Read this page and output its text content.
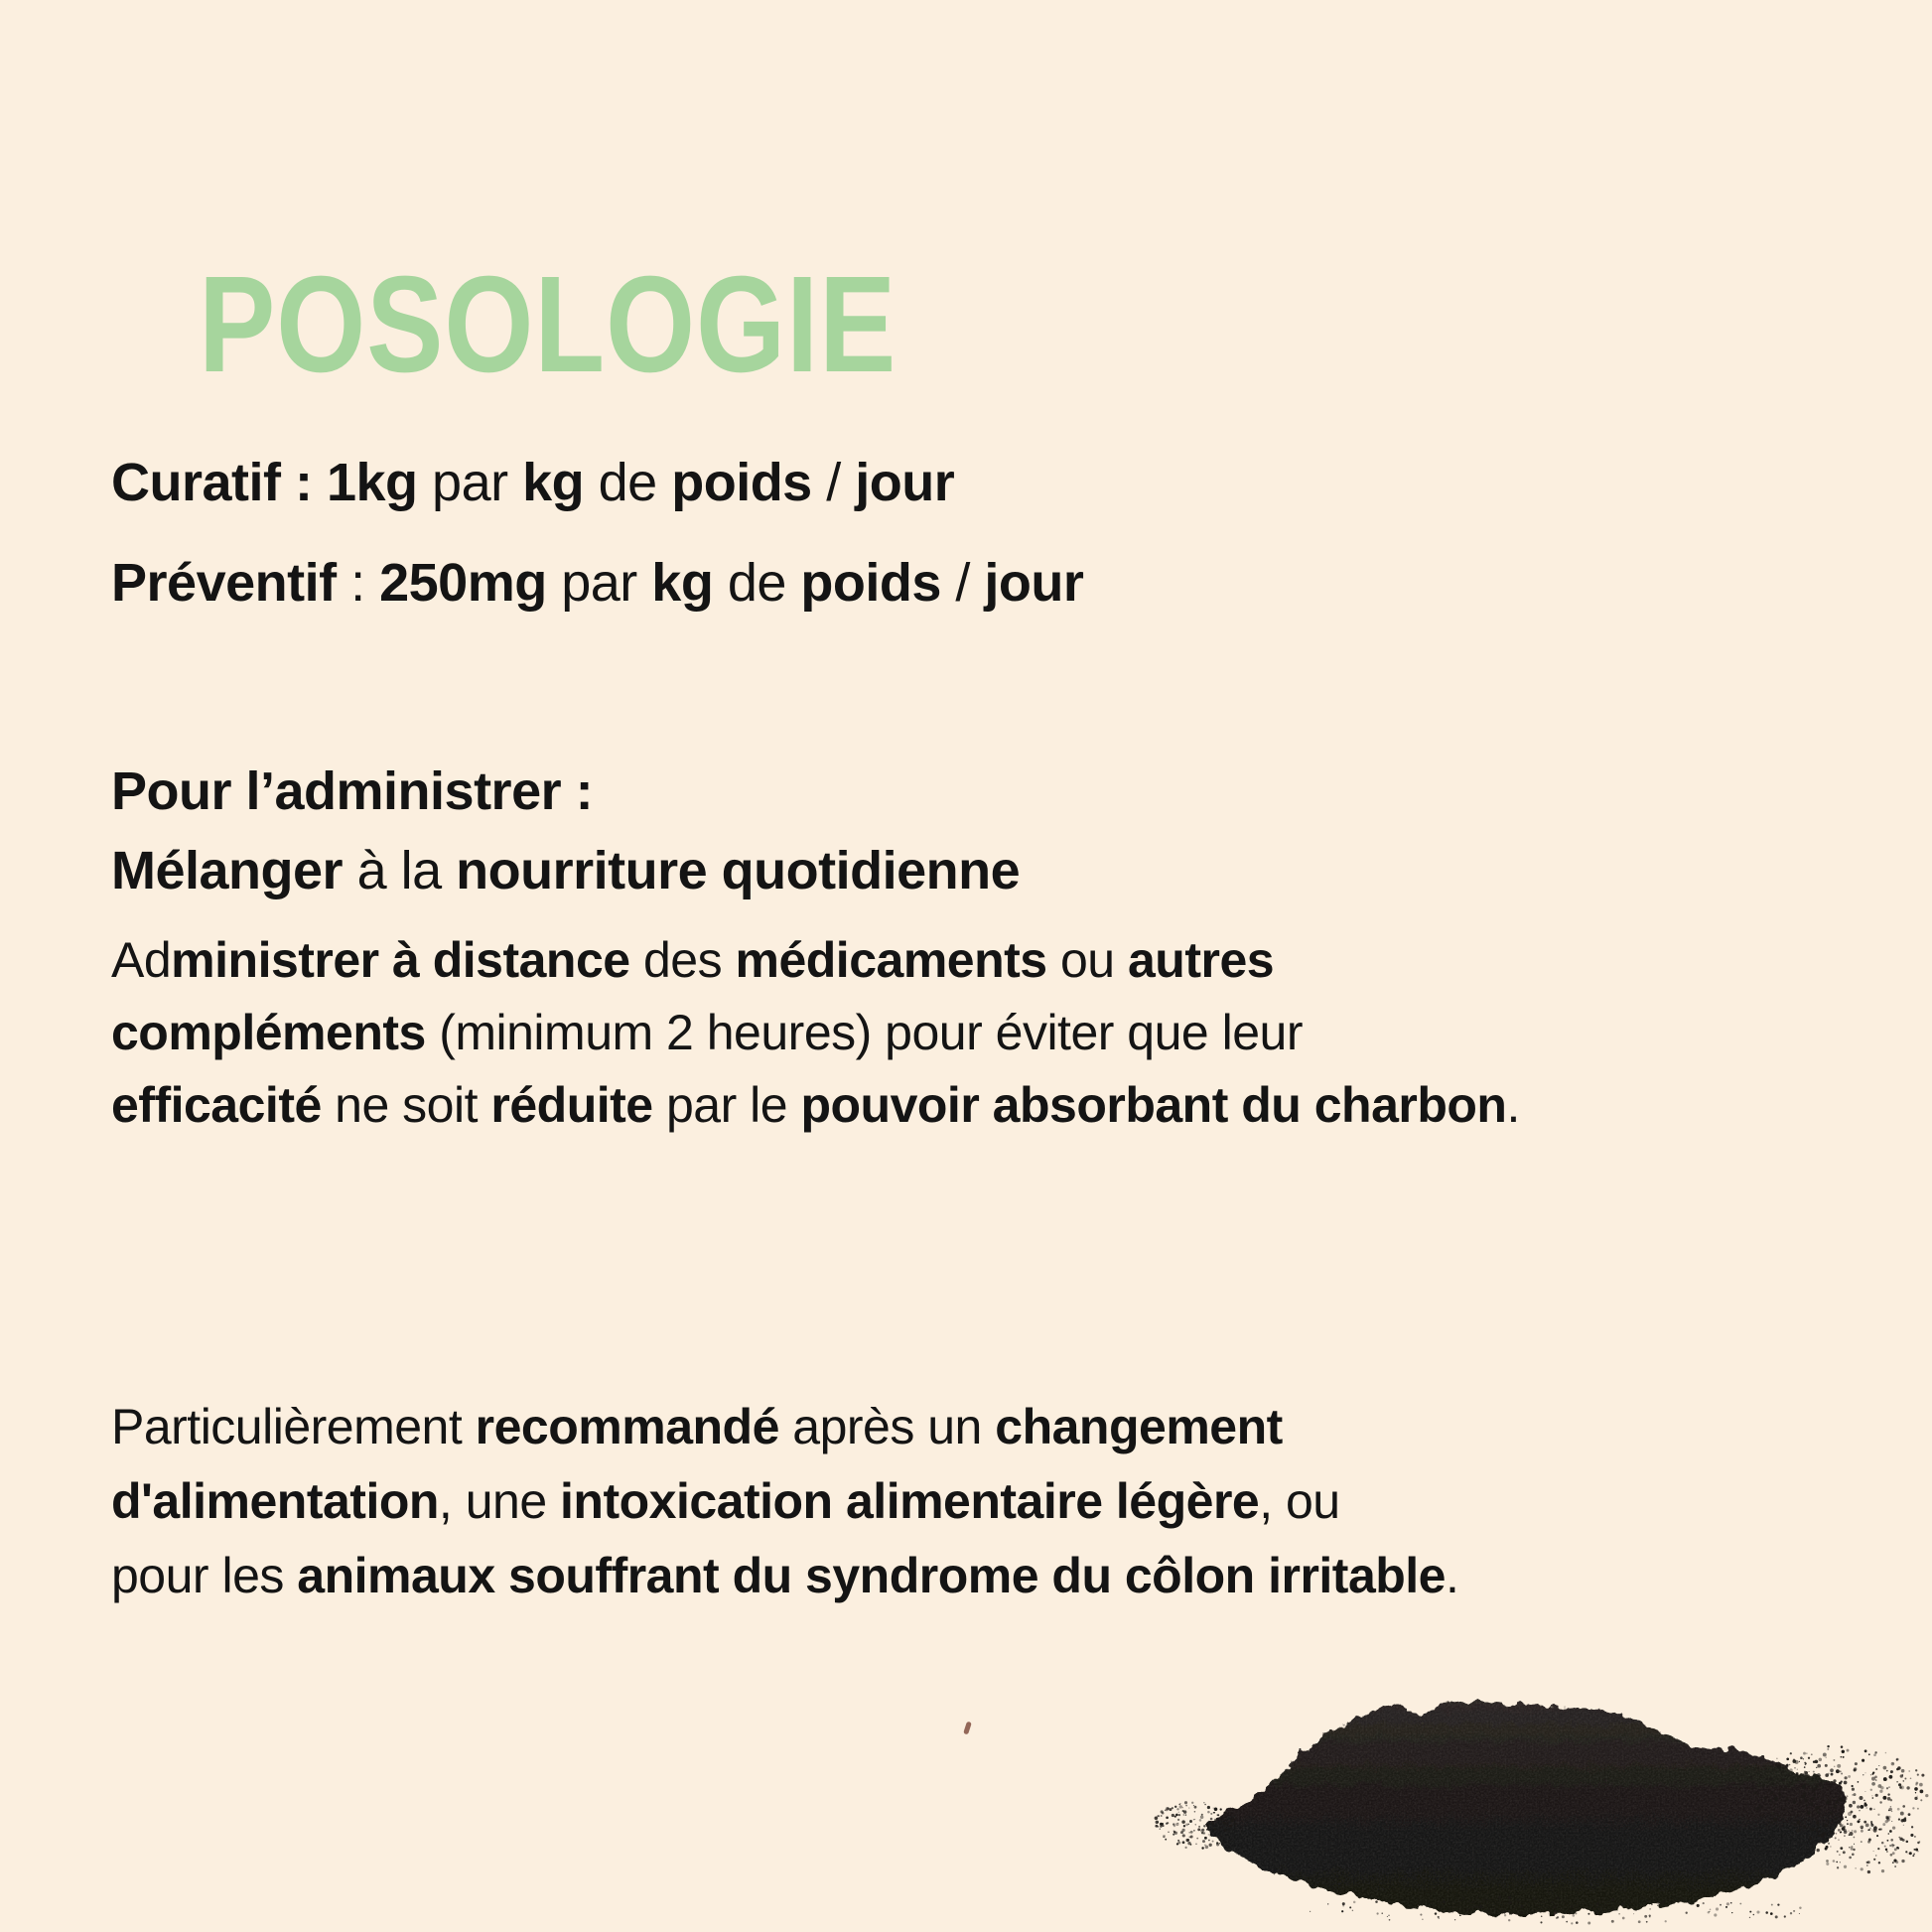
POSOLOGIE
Curatif : 1kg par kg de poids / jour
Préventif : 250mg par kg de poids / jour
Pour l’administrer :
Mélanger à la nourriture quotidienne
Administrer à distance des médicaments ou autres
compléments (minimum 2 heures) pour éviter que leur
efficacité ne soit réduite par le pouvoir absorbant du charbon.
Particulièrement recommandé après un changement
d'alimentation, une intoxication alimentaire légère, ou
pour les animaux souffrant du syndrome du côlon irritable.
